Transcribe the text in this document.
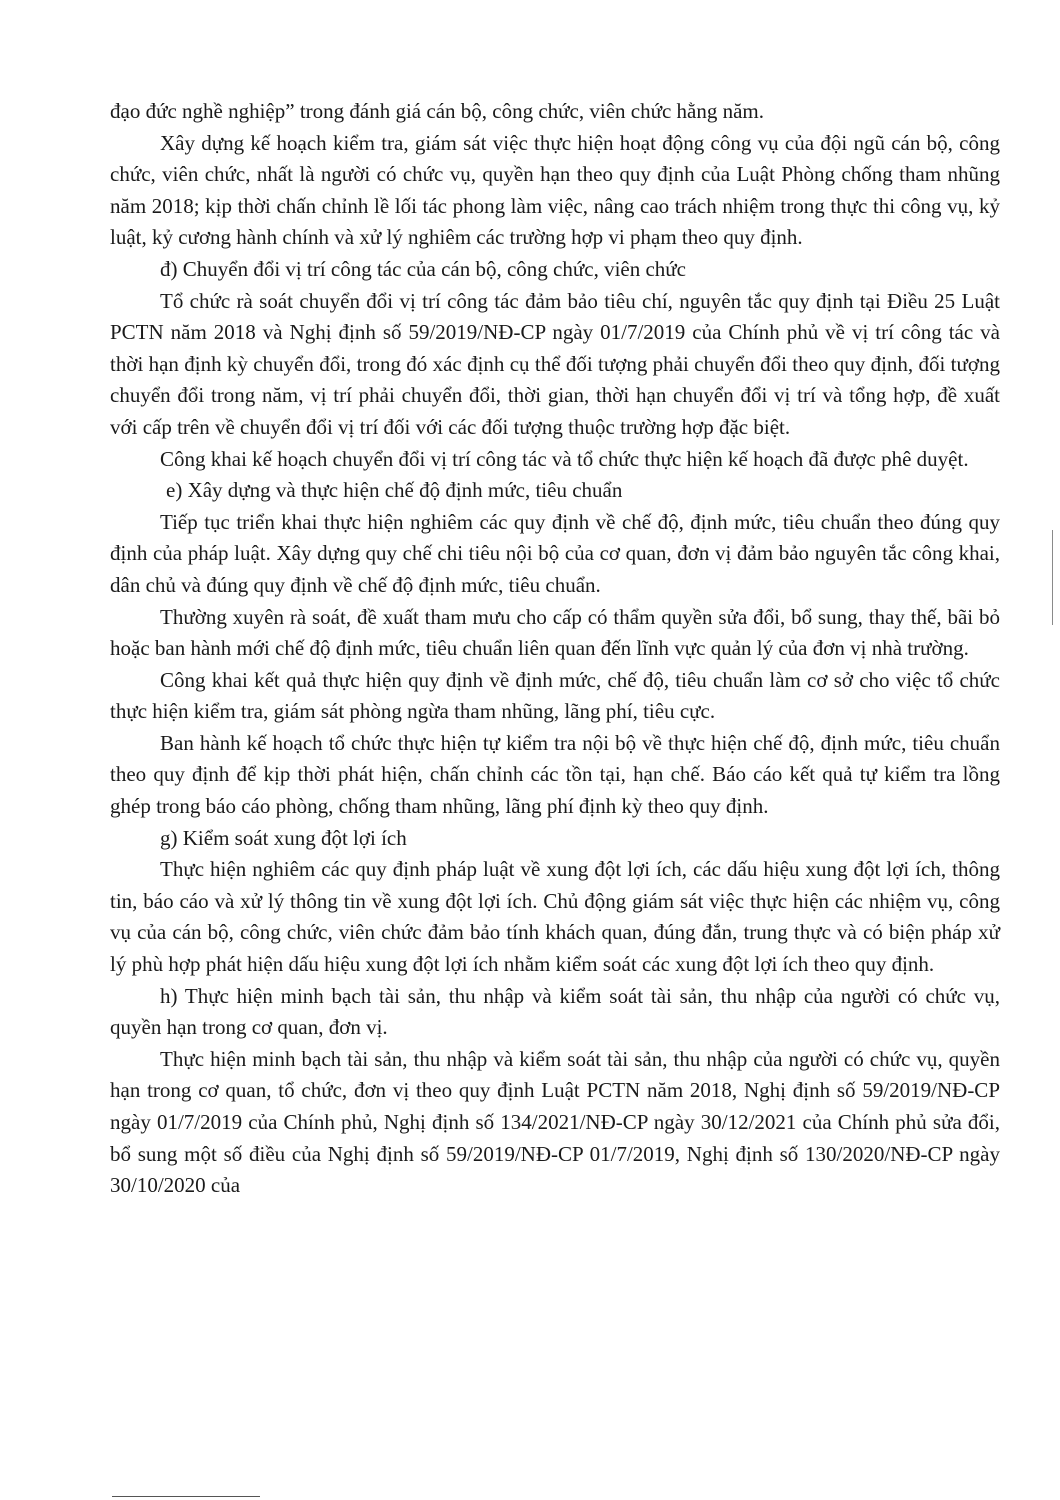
đạo đức nghề nghiệp” trong đánh giá cán bộ, công chức, viên chức hằng năm.

Xây dựng kế hoạch kiểm tra, giám sát việc thực hiện hoạt động công vụ của đội ngũ cán bộ, công chức, viên chức, nhất là người có chức vụ, quyền hạn theo quy định của Luật Phòng chống tham nhũng năm 2018; kịp thời chấn chỉnh lề lối tác phong làm việc, nâng cao trách nhiệm trong thực thi công vụ, kỷ luật, kỷ cương hành chính và xử lý nghiêm các trường hợp vi phạm theo quy định.

đ) Chuyển đổi vị trí công tác của cán bộ, công chức, viên chức

Tổ chức rà soát chuyển đổi vị trí công tác đảm bảo tiêu chí, nguyên tắc quy định tại Điều 25 Luật PCTN năm 2018 và Nghị định số 59/2019/NĐ-CP ngày 01/7/2019 của Chính phủ về vị trí công tác và thời hạn định kỳ chuyển đổi, trong đó xác định cụ thể đối tượng phải chuyển đổi theo quy định, đối tượng chuyển đổi trong năm, vị trí phải chuyển đổi, thời gian, thời hạn chuyển đổi vị trí và tổng hợp, đề xuất với cấp trên về chuyển đổi vị trí đối với các đối tượng thuộc trường hợp đặc biệt.

Công khai kế hoạch chuyển đổi vị trí công tác và tổ chức thực hiện kế hoạch đã được phê duyệt.

e) Xây dựng và thực hiện chế độ định mức, tiêu chuẩn

Tiếp tục triển khai thực hiện nghiêm các quy định về chế độ, định mức, tiêu chuẩn theo đúng quy định của pháp luật. Xây dựng quy chế chi tiêu nội bộ của cơ quan, đơn vị đảm bảo nguyên tắc công khai, dân chủ và đúng quy định về chế độ định mức, tiêu chuẩn.

Thường xuyên rà soát, đề xuất tham mưu cho cấp có thẩm quyền sửa đổi, bổ sung, thay thế, bãi bỏ hoặc ban hành mới chế độ định mức, tiêu chuẩn liên quan đến lĩnh vực quản lý của đơn vị nhà trường.

Công khai kết quả thực hiện quy định về định mức, chế độ, tiêu chuẩn làm cơ sở cho việc tổ chức thực hiện kiểm tra, giám sát phòng ngừa tham nhũng, lãng phí, tiêu cực.

Ban hành kế hoạch tổ chức thực hiện tự kiểm tra nội bộ về thực hiện chế độ, định mức, tiêu chuẩn theo quy định để kịp thời phát hiện, chấn chỉnh các tồn tại, hạn chế. Báo cáo kết quả tự kiểm tra lồng ghép trong báo cáo phòng, chống tham nhũng, lãng phí định kỳ theo quy định.

g) Kiểm soát xung đột lợi ích

Thực hiện nghiêm các quy định pháp luật về xung đột lợi ích, các dấu hiệu xung đột lợi ích, thông tin, báo cáo và xử lý thông tin về xung đột lợi ích. Chủ động giám sát việc thực hiện các nhiệm vụ, công vụ của cán bộ, công chức, viên chức đảm bảo tính khách quan, đúng đắn, trung thực và có biện pháp xử lý phù hợp phát hiện dấu hiệu xung đột lợi ích nhằm kiểm soát các xung đột lợi ích theo quy định.

h) Thực hiện minh bạch tài sản, thu nhập và kiểm soát tài sản, thu nhập của người có chức vụ, quyền hạn trong cơ quan, đơn vị.

Thực hiện minh bạch tài sản, thu nhập và kiểm soát tài sản, thu nhập của người có chức vụ, quyền hạn trong cơ quan, tổ chức, đơn vị theo quy định Luật PCTN năm 2018, Nghị định số 59/2019/NĐ-CP ngày 01/7/2019 của Chính phủ, Nghị định số 134/2021/NĐ-CP ngày 30/12/2021 của Chính phủ sửa đổi, bổ sung một số điều của Nghị định số 59/2019/NĐ-CP 01/7/2019, Nghị định số 130/2020/NĐ-CP ngày 30/10/2020 của
